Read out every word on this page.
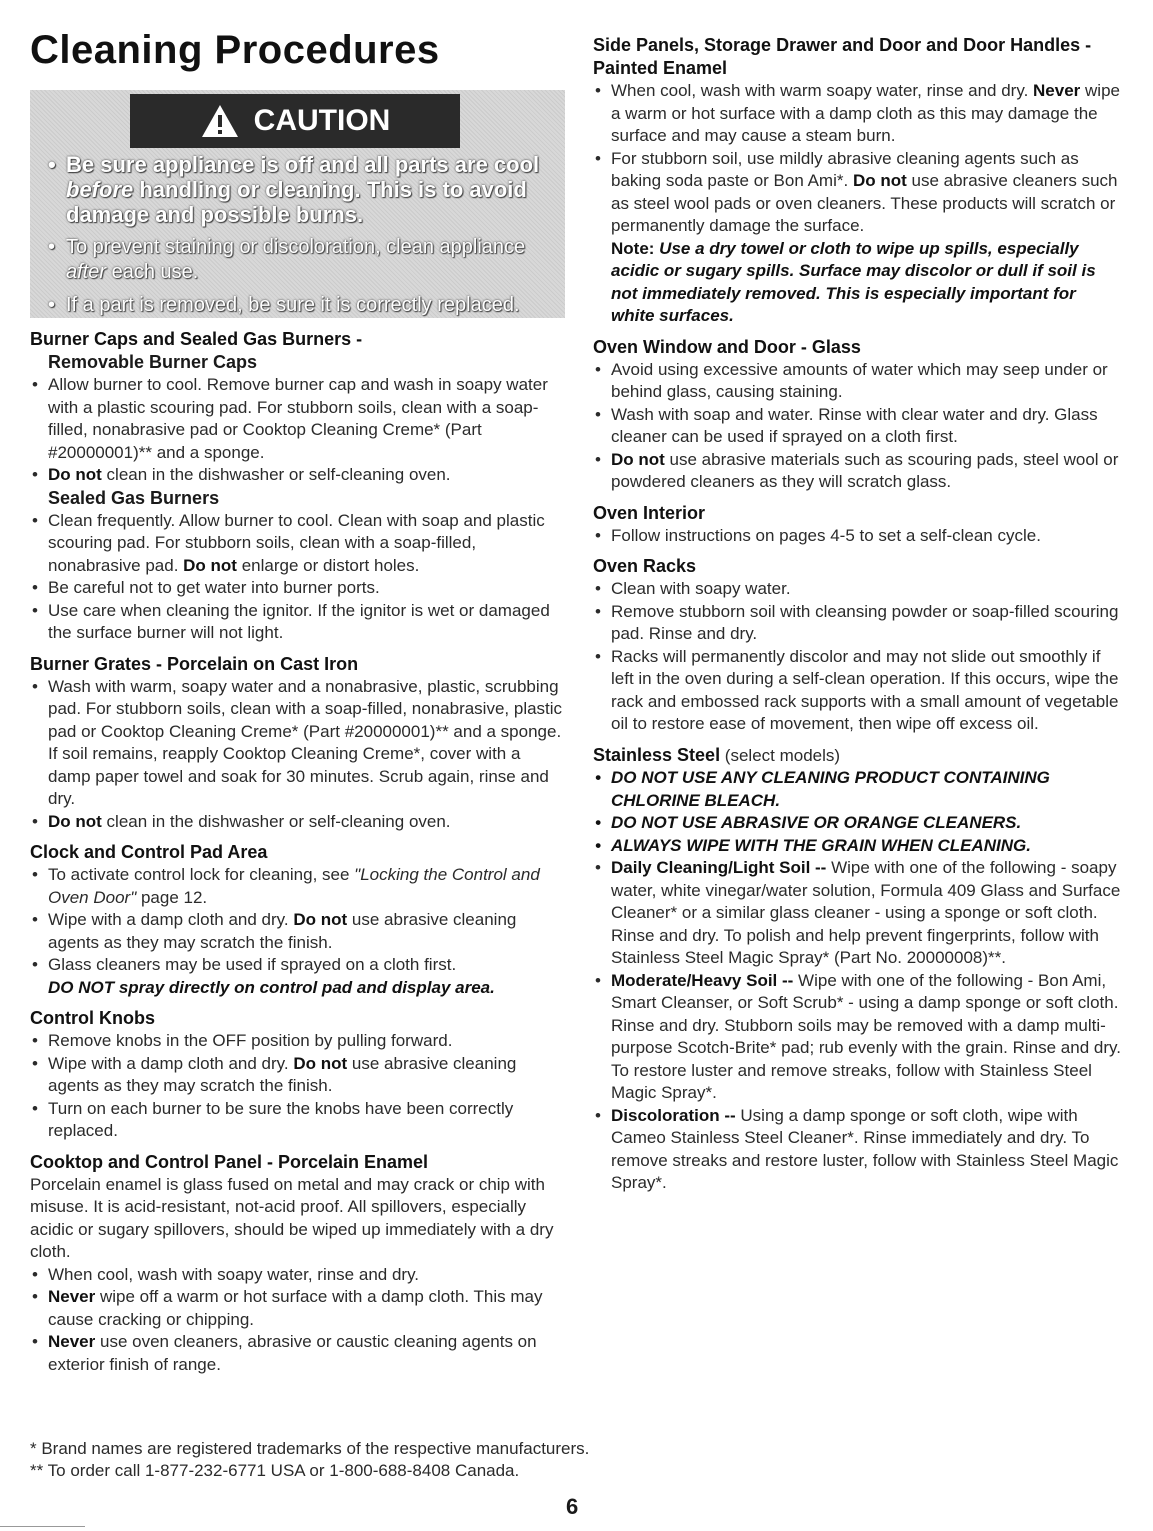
Cleaning Procedures
CAUTION
• Be sure appliance is off and all parts are cool before handling or cleaning. This is to avoid damage and possible burns.
• To prevent staining or discoloration, clean appliance after each use.
• If a part is removed, be sure it is correctly replaced.
Burner Caps and Sealed Gas Burners -
Removable Burner Caps
• Allow burner to cool. Remove burner cap and wash in soapy water with a plastic scouring pad. For stubborn soils, clean with a soap-filled, nonabrasive pad or Cooktop Cleaning Creme* (Part #20000001)** and a sponge.
• Do not clean in the dishwasher or self-cleaning oven.
Sealed Gas Burners
• Clean frequently. Allow burner to cool. Clean with soap and plastic scouring pad. For stubborn soils, clean with a soap-filled, nonabrasive pad. Do not enlarge or distort holes.
• Be careful not to get water into burner ports.
• Use care when cleaning the ignitor. If the ignitor is wet or damaged the surface burner will not light.
Burner Grates - Porcelain on Cast Iron
• Wash with warm, soapy water and a nonabrasive, plastic, scrubbing pad. For stubborn soils, clean with a soap-filled, nonabrasive, plastic pad or Cooktop Cleaning Creme* (Part #20000001)** and a sponge. If soil remains, reapply Cooktop Cleaning Creme*, cover with a damp paper towel and soak for 30 minutes. Scrub again, rinse and dry.
• Do not clean in the dishwasher or self-cleaning oven.
Clock and Control Pad Area
• To activate control lock for cleaning, see "Locking the Control and Oven Door" page 12.
• Wipe with a damp cloth and dry. Do not use abrasive cleaning agents as they may scratch the finish.
• Glass cleaners may be used if sprayed on a cloth first.
DO NOT spray directly on control pad and display area.
Control Knobs
• Remove knobs in the OFF position by pulling forward.
• Wipe with a damp cloth and dry. Do not use abrasive cleaning agents as they may scratch the finish.
• Turn on each burner to be sure the knobs have been correctly replaced.
Cooktop and Control Panel - Porcelain Enamel
Porcelain enamel is glass fused on metal and may crack or chip with misuse. It is acid-resistant, not-acid proof. All spillovers, especially acidic or sugary spillovers, should be wiped up immediately with a dry cloth.
• When cool, wash with soapy water, rinse and dry.
• Never wipe off a warm or hot surface with a damp cloth. This may cause cracking or chipping.
• Never use oven cleaners, abrasive or caustic cleaning agents on exterior finish of range.
Side Panels, Storage Drawer and Door and Door Handles - Painted Enamel
• When cool, wash with warm soapy water, rinse and dry. Never wipe a warm or hot surface with a damp cloth as this may damage the surface and may cause a steam burn.
• For stubborn soil, use mildly abrasive cleaning agents such as baking soda paste or Bon Ami*. Do not use abrasive cleaners such as steel wool pads or oven cleaners. These products will scratch or permanently damage the surface.
Note: Use a dry towel or cloth to wipe up spills, especially acidic or sugary spills. Surface may discolor or dull if soil is not immediately removed. This is especially important for white surfaces.
Oven Window and Door - Glass
• Avoid using excessive amounts of water which may seep under or behind glass, causing staining.
• Wash with soap and water. Rinse with clear water and dry. Glass cleaner can be used if sprayed on a cloth first.
• Do not use abrasive materials such as scouring pads, steel wool or powdered cleaners as they will scratch glass.
Oven Interior
• Follow instructions on pages 4-5 to set a self-clean cycle.
Oven Racks
• Clean with soapy water.
• Remove stubborn soil with cleansing powder or soap-filled scouring pad. Rinse and dry.
• Racks will permanently discolor and may not slide out smoothly if left in the oven during a self-clean operation. If this occurs, wipe the rack and embossed rack supports with a small amount of vegetable oil to restore ease of movement, then wipe off excess oil.
Stainless Steel (select models)
• DO NOT USE ANY CLEANING PRODUCT CONTAINING CHLORINE BLEACH.
• DO NOT USE ABRASIVE OR ORANGE CLEANERS.
• ALWAYS WIPE WITH THE GRAIN WHEN CLEANING.
• Daily Cleaning/Light Soil -- Wipe with one of the following - soapy water, white vinegar/water solution, Formula 409 Glass and Surface Cleaner* or a similar glass cleaner - using a sponge or soft cloth. Rinse and dry. To polish and help prevent fingerprints, follow with Stainless Steel Magic Spray* (Part No. 20000008)**.
• Moderate/Heavy Soil -- Wipe with one of the following - Bon Ami, Smart Cleanser, or Soft Scrub* - using a damp sponge or soft cloth. Rinse and dry. Stubborn soils may be removed with a damp multi-purpose Scotch-Brite* pad; rub evenly with the grain. Rinse and dry. To restore luster and remove streaks, follow with Stainless Steel Magic Spray*.
• Discoloration -- Using a damp sponge or soft cloth, wipe with Cameo Stainless Steel Cleaner*. Rinse immediately and dry. To remove streaks and restore luster, follow with Stainless Steel Magic Spray*.
* Brand names are registered trademarks of the respective manufacturers.
** To order call 1-877-232-6771 USA or 1-800-688-8408 Canada.
6
